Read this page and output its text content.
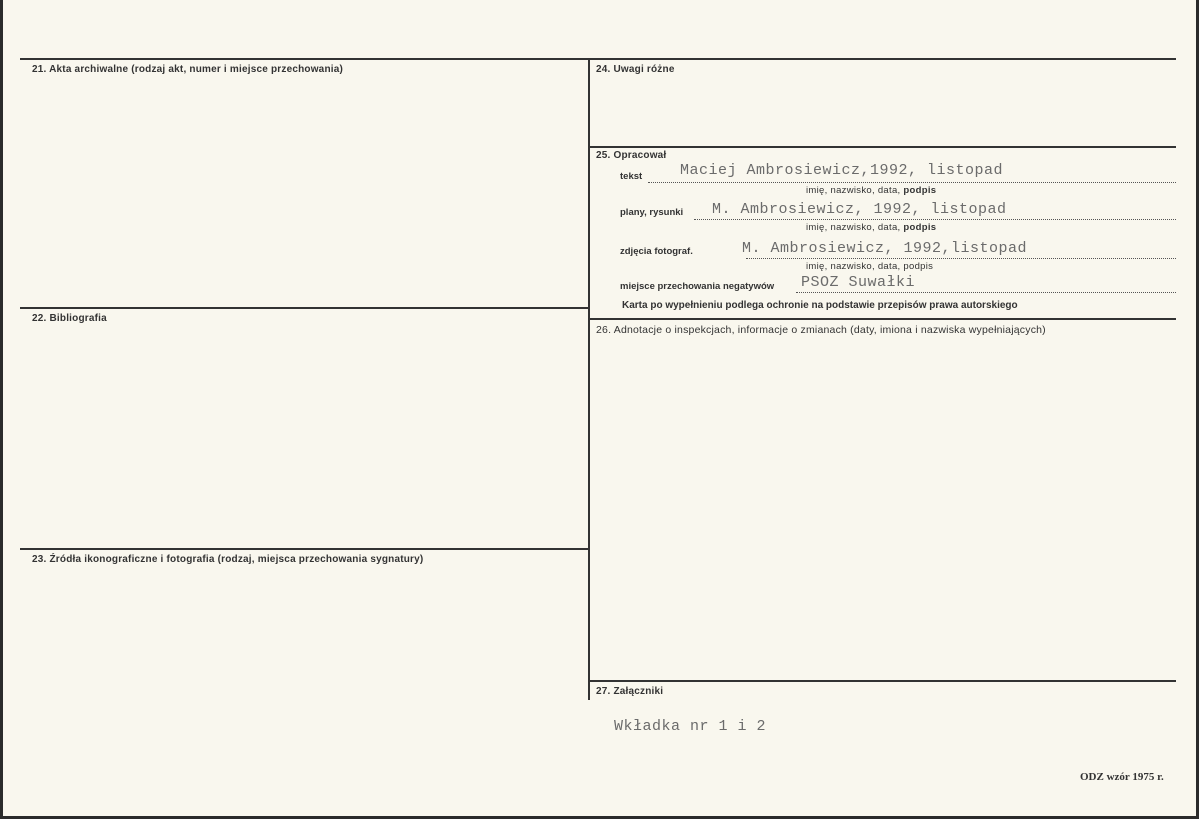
21. Akta archiwalne (rodzaj akt, numer i miejsce przechowania)
22. Bibliografia
23. Źródła ikonograficzne i fotografia (rodzaj, miejsca przechowania sygnatury)
24. Uwagi różne
25. Opracował
tekst	Maciej Ambrosiewicz,1992, listopad
imię, nazwisko, data, podpis
plany, rysunki M. Ambrosiewicz, 1992, listopad
imię, nazwisko, data, podpis
zdjęcia fotograf.	M. Ambrosiewicz, 1992,listopad
imię, nazwisko, data, podpis
miejsce przechowania negatywów PSOZ Suwałki
Karta po wypełnieniu podlega ochronie na podstawie przepisów prawa autorskiego
26. Adnotacje o inspekcjach, informacje o zmianach (daty, imiona i nazwiska wypełniających)
27. Załączniki
Wkładka nr 1 i 2
ODZ wzór 1975 r.
